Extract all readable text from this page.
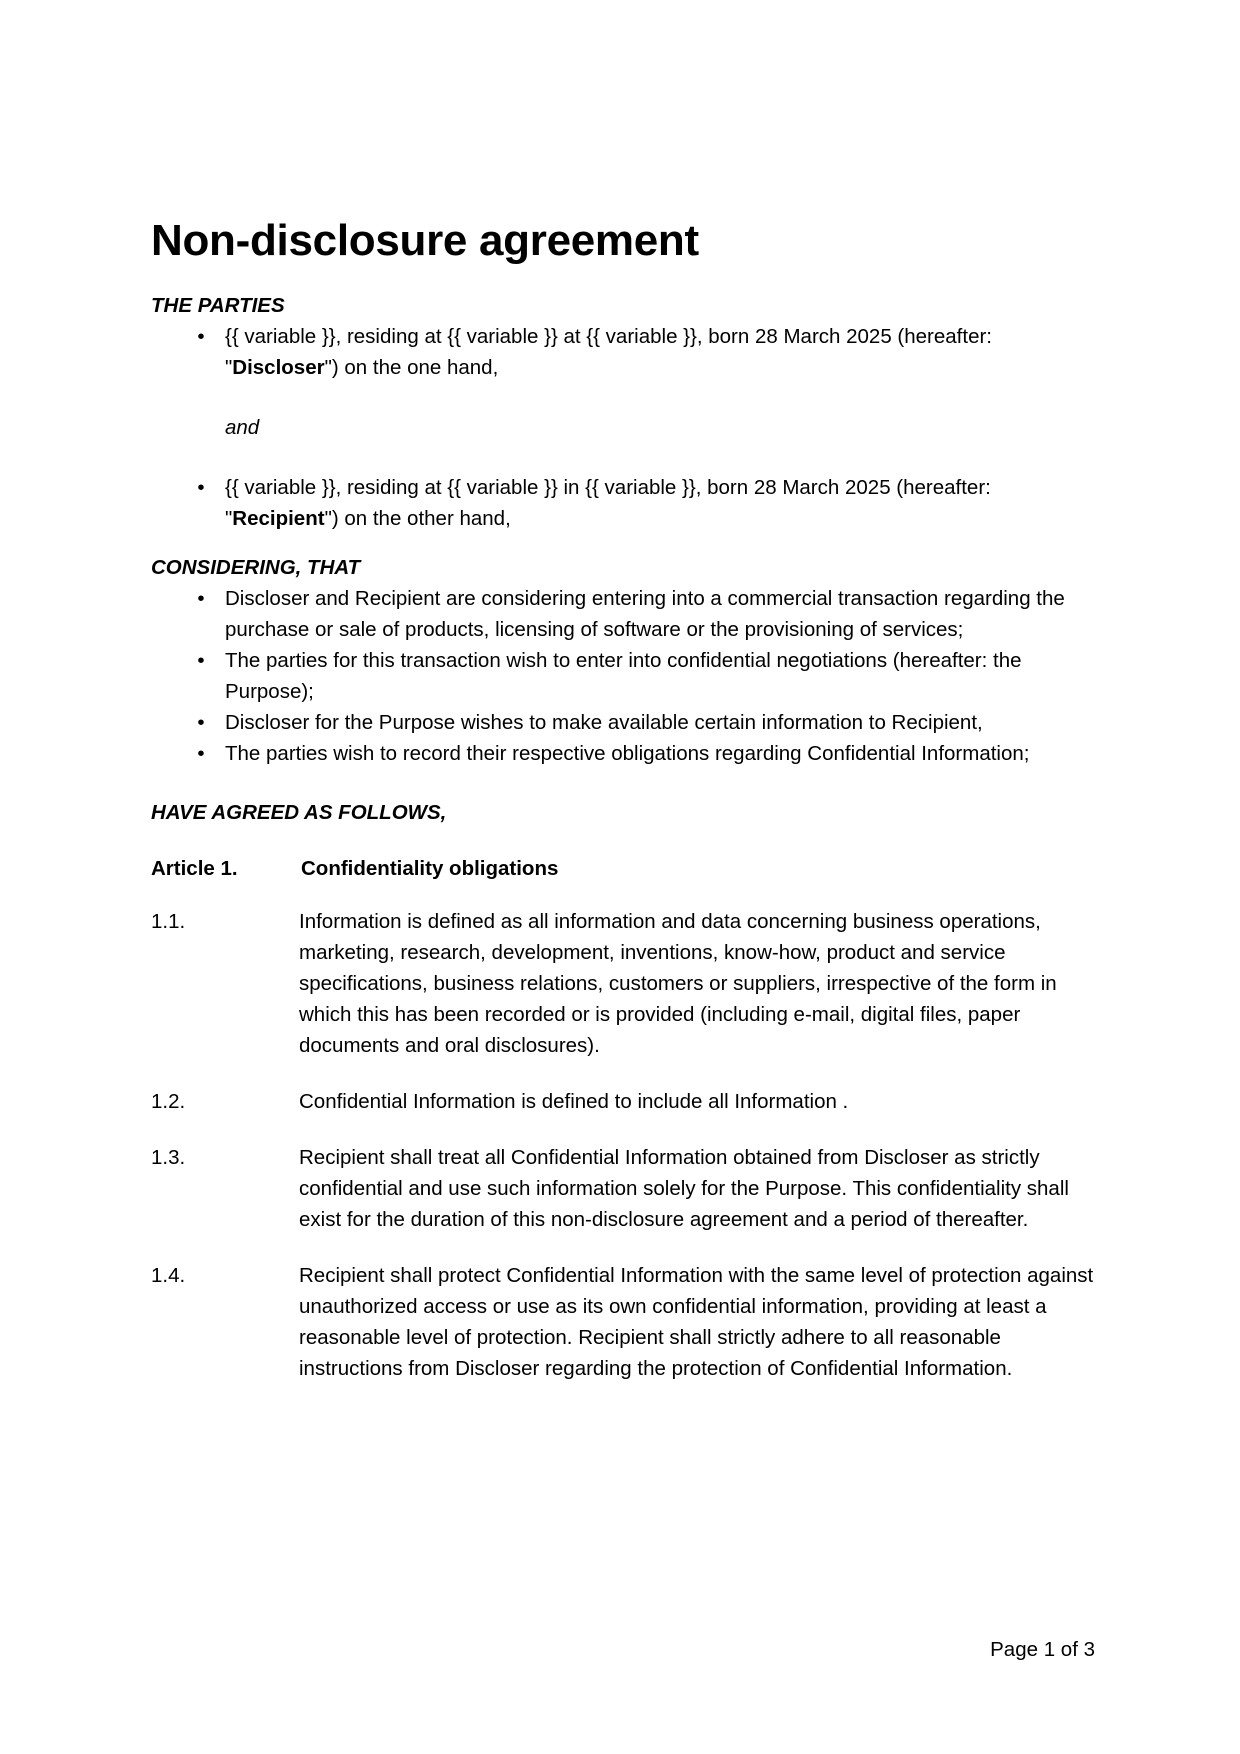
Non-disclosure agreement

THE PARTIES

• {{ variable }}, residing at {{ variable }} at {{ variable }}, born 28 March 2025 (hereafter: "Discloser") on the one hand,
and
• {{ variable }}, residing at {{ variable }} in {{ variable }}, born 28 March 2025 (hereafter: "Recipient") on the other hand,

CONSIDERING, THAT

• Discloser and Recipient are considering entering into a commercial transaction regarding the purchase or sale of products, licensing of software or the provisioning of services;
• The parties for this transaction wish to enter into confidential negotiations (hereafter: the Purpose);
• Discloser for the Purpose wishes to make available certain information to Recipient,
• The parties wish to record their respective obligations regarding Confidential Information;

HAVE AGREED AS FOLLOWS,

Article 1.	Confidentiality obligations
1.1.	Information is defined as all information and data concerning business operations, marketing, research, development, inventions, know-how, product and service specifications, business relations, customers or suppliers, irrespective of the form in which this has been recorded or is provided (including e-mail, digital files, paper documents and oral disclosures).
1.2.	Confidential Information is defined to include all Information .
1.3.	Recipient shall treat all Confidential Information obtained from Discloser as strictly confidential and use such information solely for the Purpose. This confidentiality shall exist for the duration of this non-disclosure agreement and a period of thereafter.
1.4.	Recipient shall protect Confidential Information with the same level of protection against unauthorized access or use as its own confidential information, providing at least a reasonable level of protection. Recipient shall strictly adhere to all reasonable instructions from Discloser regarding the protection of Confidential Information.
Page 1 of 3
